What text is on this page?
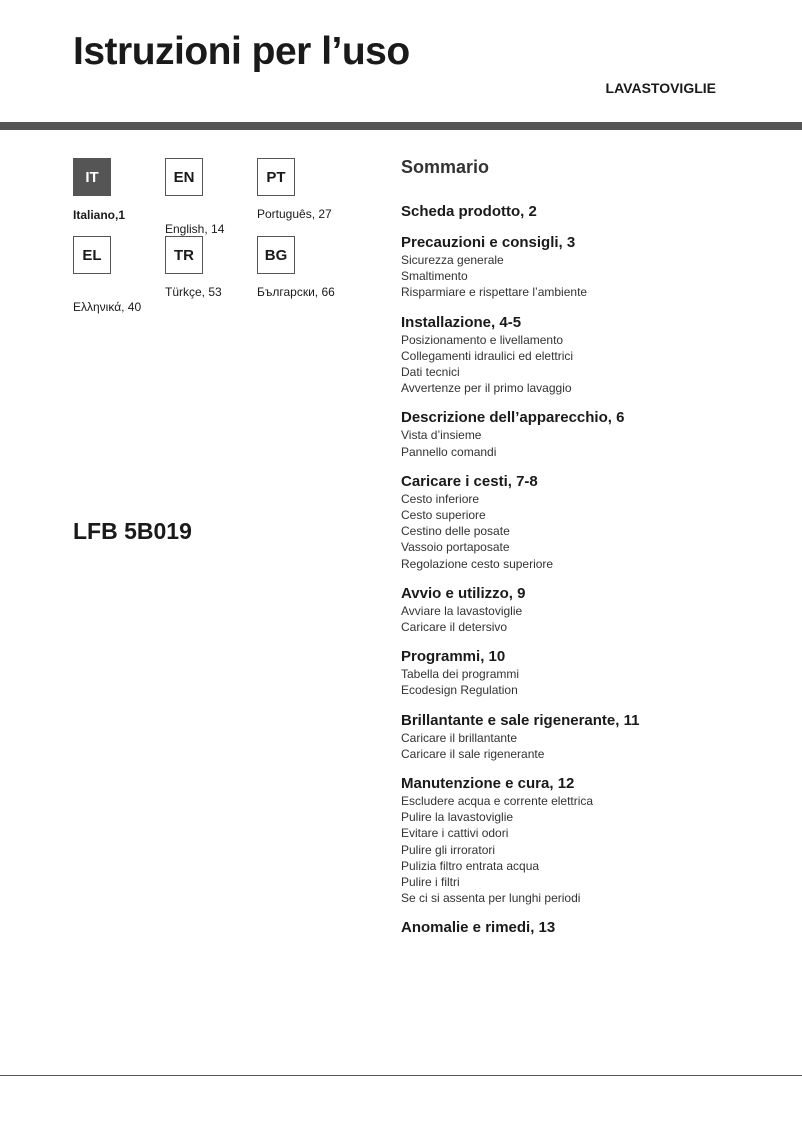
Istruzioni per l’uso
LAVASTOVIGLIE
IT	EN	PT
Italiano,1
English, 14
Português, 27
EL	TR	BG
Ελληνικά, 40
Türkçe, 53	Български, 66
LFB 5B019
Sommario
Scheda prodotto, 2
Precauzioni e consigli, 3
Sicurezza generale
Smaltimento
Risparmiare e rispettare l’ambiente
Installazione, 4-5
Posizionamento e livellamento
Collegamenti idraulici ed elettrici
Dati tecnici
Avvertenze per il primo lavaggio
Descrizione dell’apparecchio, 6
Vista d’insieme
Pannello comandi
Caricare i cesti, 7-8
Cesto inferiore
Cesto superiore
Cestino delle posate
Vassoio portaposate
Regolazione cesto superiore
Avvio e utilizzo, 9
Avviare la lavastoviglie
Caricare il detersivo
Programmi, 10
Tabella dei programmi
Ecodesign Regulation
Brillantante e sale rigenerante, 11
Caricare il brillantante
Caricare il sale rigenerante
Manutenzione e cura, 12
Escludere acqua e corrente elettrica
Pulire la lavastoviglie
Evitare i cattivi odori
Pulire gli irroratori
Pulizia filtro entrata acqua
Pulire i filtri
Se ci si assenta per lunghi periodi
Anomalie e rimedi, 13
